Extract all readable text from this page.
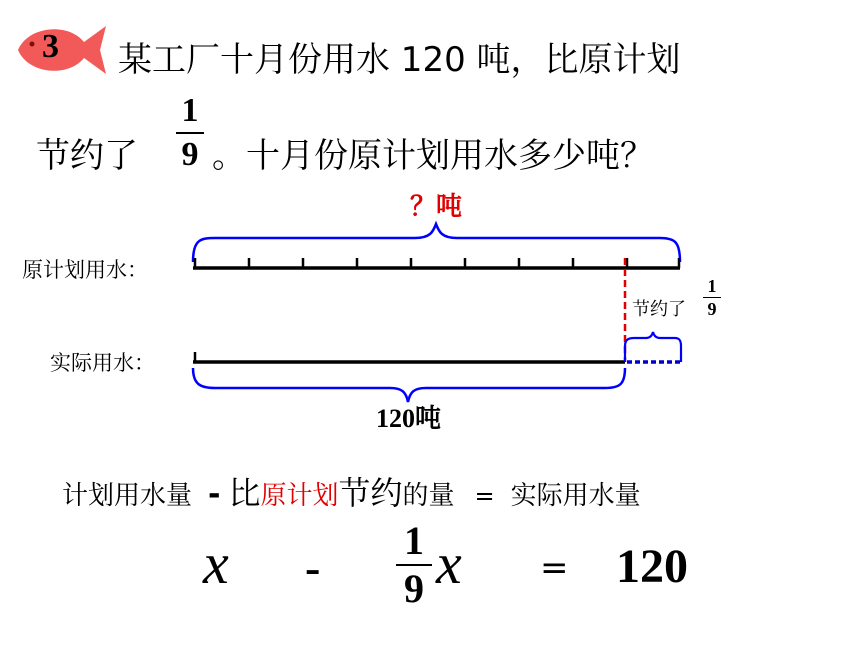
3 某工厂十月份用水 120 吨，比原计划
节约了
1
9 。十月份原计划用水多少吨？
？吨
原计划用水：
实际用水：
节约了
1
9
120吨
计划用水量 - 比 原计划 节约 的量 = 实际用水量
x -
1
9 x = 120
